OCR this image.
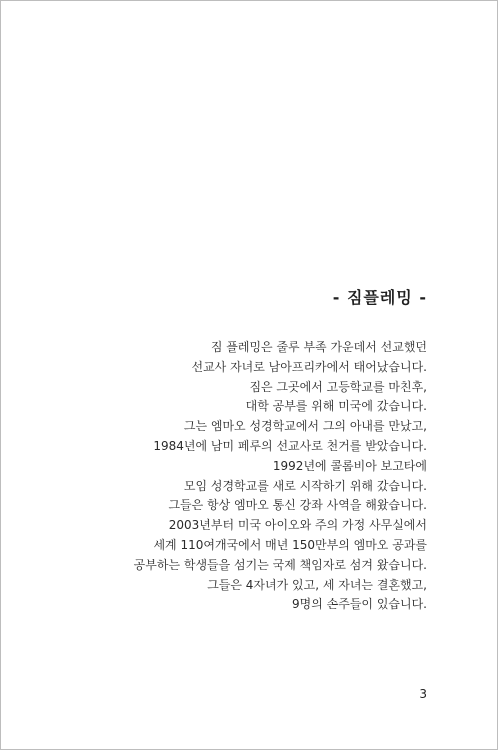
- 짐플레밍 -
짐 플레밍은 줄루 부족 가운데서 선교했던
선교사 자녀로 남아프리카에서 태어났습니다.
짐은 그곳에서 고등학교를 마친후,
대학 공부를 위해 미국에 갔습니다.
그는 엠마오 성경학교에서 그의 아내를 만났고,
1984년에 남미 페루의 선교사로 천거를 받았습니다.
1992년에 콜롬비아 보고타에
모임 성경학교를 새로 시작하기 위해 갔습니다.
그들은 항상 엠마오 통신 강좌 사역을 해왔습니다.
2003년부터 미국 아이오와 주의 가정 사무실에서
세계 110여개국에서 매년 150만부의 엠마오 공과를
공부하는 학생들을 섬기는 국제 책임자로 섬겨 왔습니다.
그들은 4자녀가 있고, 세 자녀는 결혼했고,
9명의 손주들이 있습니다.
3
